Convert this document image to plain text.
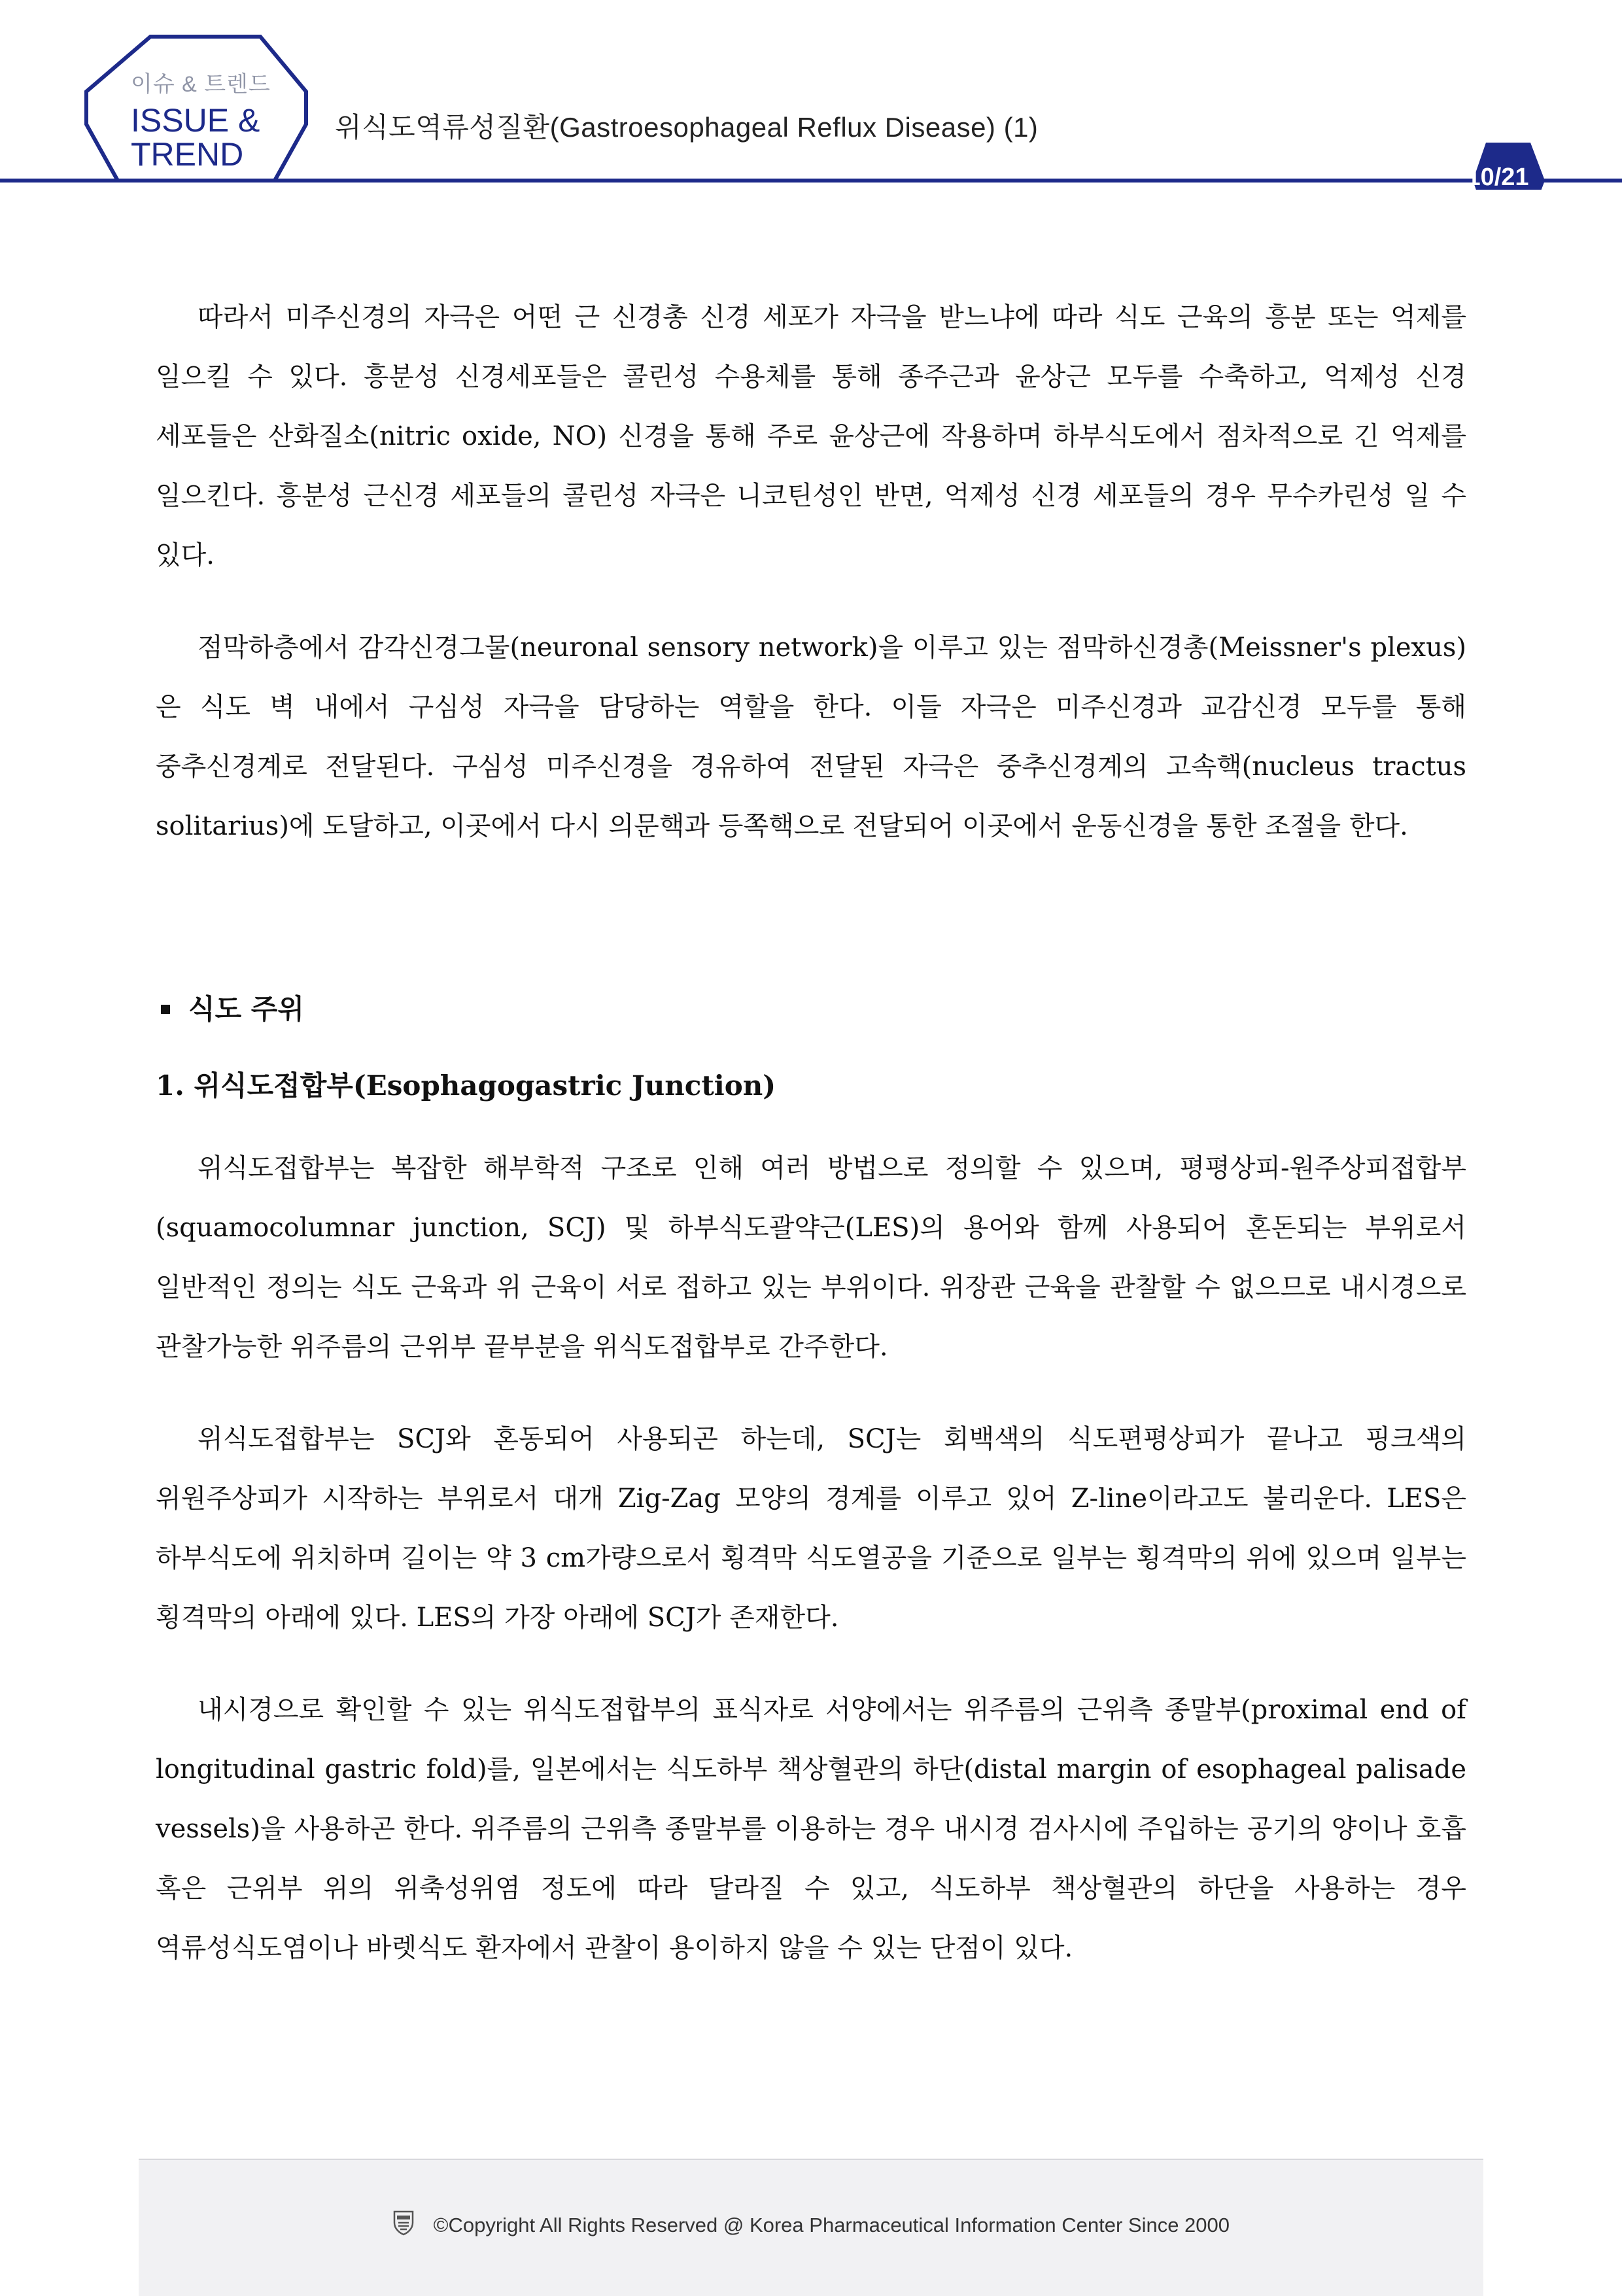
이슈 & 트렌드
ISSUE &
TREND
위식도역류성질환(Gastroesophageal Reflux Disease) (1)
10/21

따라서 미주신경의 자극은 어떤 근 신경총 신경 세포가 자극을 받느냐에 따라 식도 근육의 흥분 또는 억제를 일으킬 수 있다. 흥분성 신경세포들은 콜린성 수용체를 통해 종주근과 윤상근 모두를 수축하고, 억제성 신경 세포들은 산화질소(nitric oxide, NO) 신경을 통해 주로 윤상근에 작용하며 하부식도에서 점차적으로 긴 억제를 일으킨다. 흥분성 근신경 세포들의 콜린성 자극은 니코틴성인 반면, 억제성 신경 세포들의 경우 무수카린성 일 수 있다.

점막하층에서 감각신경그물(neuronal sensory network)을 이루고 있는 점막하신경총(Meissner's plexus)은 식도 벽 내에서 구심성 자극을 담당하는 역할을 한다. 이들 자극은 미주신경과 교감신경 모두를 통해 중추신경계로 전달된다. 구심성 미주신경을 경유하여 전달된 자극은 중추신경계의 고속핵(nucleus tractus solitarius)에 도달하고, 이곳에서 다시 의문핵과 등쪽핵으로 전달되어 이곳에서 운동신경을 통한 조절을 한다.

식도 주위
1. 위식도접합부(Esophagogastric Junction)

위식도접합부는 복잡한 해부학적 구조로 인해 여러 방법으로 정의할 수 있으며, 평평상피-원주상피접합부(squamocolumnar junction, SCJ) 및 하부식도괄약근(LES)의 용어와 함께 사용되어 혼돈되는 부위로서 일반적인 정의는 식도 근육과 위 근육이 서로 접하고 있는 부위이다. 위장관 근육을 관찰할 수 없으므로 내시경으로 관찰가능한 위주름의 근위부 끝부분을 위식도접합부로 간주한다.

위식도접합부는 SCJ와 혼동되어 사용되곤 하는데, SCJ는 회백색의 식도편평상피가 끝나고 핑크색의 위원주상피가 시작하는 부위로서 대개 Zig-Zag 모양의 경계를 이루고 있어 Z-line이라고도 불리운다. LES은 하부식도에 위치하며 길이는 약 3 cm가량으로서 횡격막 식도열공을 기준으로 일부는 횡격막의 위에 있으며 일부는 횡격막의 아래에 있다. LES의 가장 아래에 SCJ가 존재한다.

내시경으로 확인할 수 있는 위식도접합부의 표식자로 서양에서는 위주름의 근위측 종말부(proximal end of longitudinal gastric fold)를, 일본에서는 식도하부 책상혈관의 하단(distal margin of esophageal palisade vessels)을 사용하곤 한다. 위주름의 근위측 종말부를 이용하는 경우 내시경 검사시에 주입하는 공기의 양이나 호흡 혹은 근위부 위의 위축성위염 정도에 따라 달라질 수 있고, 식도하부 책상혈관의 하단을 사용하는 경우 역류성식도염이나 바렛식도 환자에서 관찰이 용이하지 않을 수 있는 단점이 있다.

©Copyright All Rights Reserved @ Korea Pharmaceutical Information Center Since 2000
